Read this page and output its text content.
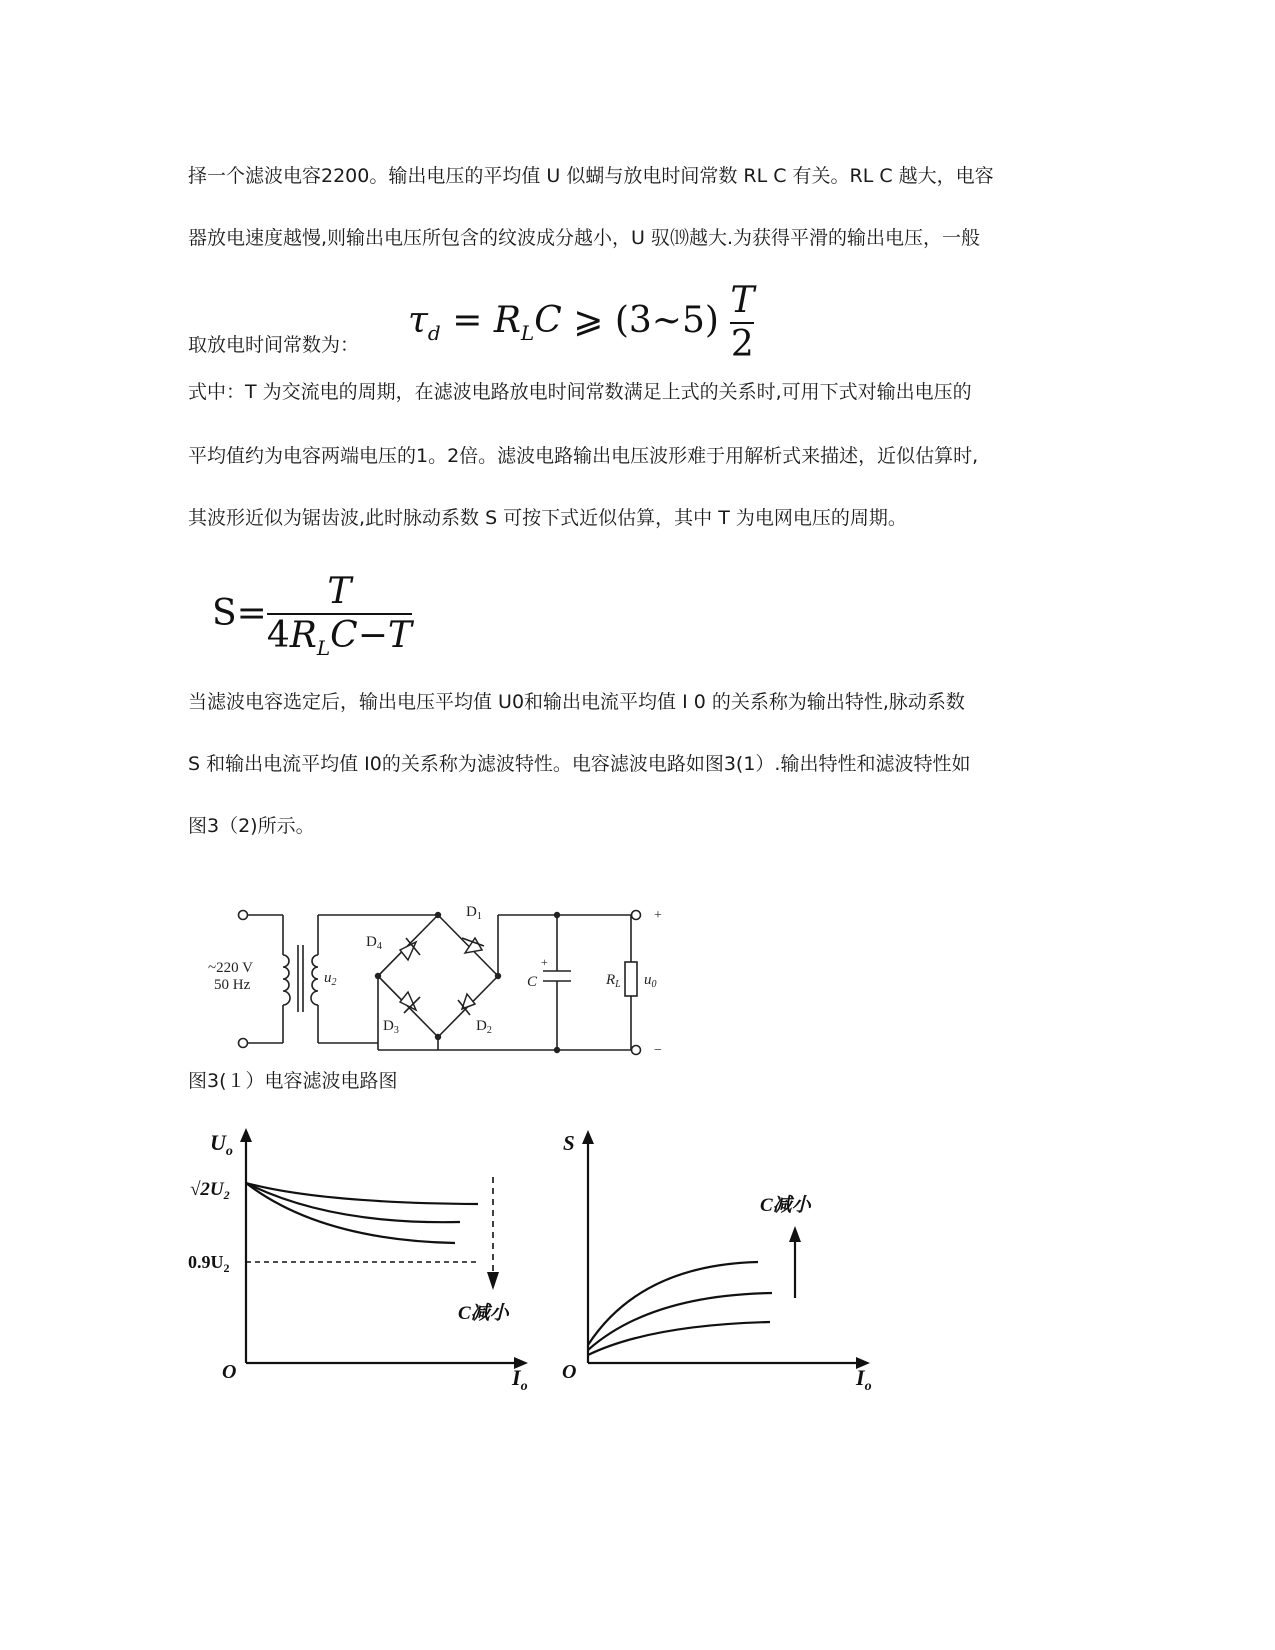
择一个滤波电容2200。输出电压的平均值 U 似蝴与放电时间常数 RL C 有关。RL C 越大，电容
器放电速度越慢,则输出电压所包含的纹波成分越小，U 驭⒆越大.为获得平滑的输出电压，一般
取放电时间常数为：
$\tau_d = R_LC$ ⩾ (3∼5) $\frac{T}{2}$
式中：T 为交流电的周期，在滤波电路放电时间常数满足上式的关系时,可用下式对输出电压的
平均值约为电容两端电压的1。2倍。滤波电路输出电压波形难于用解析式来描述，近似估算时,
其波形近似为锯齿波,此时脉动系数 S 可按下式近似估算，其中 T 为电网电压的周期。
$S= \frac{T}{4R_LC-T}$
当滤波电容选定后，输出电压平均值 U0和输出电流平均值 I 0 的关系称为输出特性,脉动系数
S 和输出电流平均值 I0的关系称为滤波特性。电容滤波电路如图3(1）.输出特性和滤波特性如
图3（2)所示。
~220 V
50 Hz	$u_2$
$D_1$
$D_4$
$D_3$	$D_2$
C
+
$R_L$ $u_0$
+
−
图3(１）电容滤波电路图
$U_o$
$√2U_2$
$0.9U_2$
C减小
O	$I_o$
S
C减小
O	$I_o$
